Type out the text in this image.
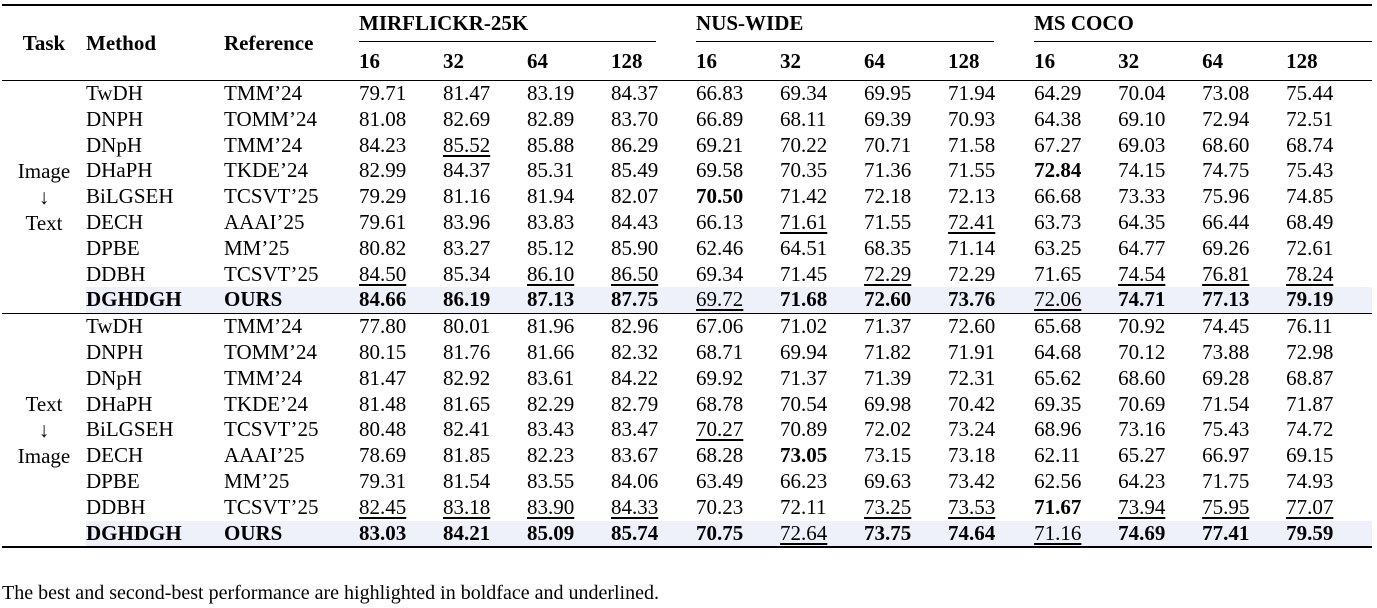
Task	Method	Reference	MIRFLICKR-25K				NUS-WIDE				MS COCO			

			16	32	64	128	16	32	64	128	16	32	64	128

Image
↓
Text	TwDH	TMM’24	79.71	81.47	83.19	84.37	66.83	69.34	69.95	71.94	64.29	70.04	73.08	75.44
	DNPH	TOMM’24	81.08	82.69	82.89	83.70	66.89	68.11	69.39	70.93	64.38	69.10	72.94	72.51
	DNpH	TMM’24	84.23	85.52	85.88	86.29	69.21	70.22	70.71	71.58	67.27	69.03	68.60	68.74
	DHaPH	TKDE’24	82.99	84.37	85.31	85.49	69.58	70.35	71.36	71.55	72.84	74.15	74.75	75.43
	BiLGSEH	TCSVT’25	79.29	81.16	81.94	82.07	70.50	71.42	72.18	72.13	66.68	73.33	75.96	74.85
	DECH	AAAI’25	79.61	83.96	83.83	84.43	66.13	71.61	71.55	72.41	63.73	64.35	66.44	68.49
	DPBE	MM’25	80.82	83.27	85.12	85.90	62.46	64.51	68.35	71.14	63.25	64.77	69.26	72.61
	DDBH	TCSVT’25	84.50	85.34	86.10	86.50	69.34	71.45	72.29	72.29	71.65	74.54	76.81	78.24
	DGHDGH	OURS	84.66	86.19	87.13	87.75	69.72	71.68	72.60	73.76	72.06	74.71	77.13	79.19

Text
↓
Image	TwDH	TMM’24	77.80	80.01	81.96	82.96	67.06	71.02	71.37	72.60	65.68	70.92	74.45	76.11
	DNPH	TOMM’24	80.15	81.76	81.66	82.32	68.71	69.94	71.82	71.91	64.68	70.12	73.88	72.98
	DNpH	TMM’24	81.47	82.92	83.61	84.22	69.92	71.37	71.39	72.31	65.62	68.60	69.28	68.87
	DHaPH	TKDE’24	81.48	81.65	82.29	82.79	68.78	70.54	69.98	70.42	69.35	70.69	71.54	71.87
	BiLGSEH	TCSVT’25	80.48	82.41	83.43	83.47	70.27	70.89	72.02	73.24	68.96	73.16	75.43	74.72
	DECH	AAAI’25	78.69	81.85	82.23	83.67	68.28	73.05	73.15	73.18	62.11	65.27	66.97	69.15
	DPBE	MM’25	79.31	81.54	83.55	84.06	63.49	66.23	69.63	73.42	62.56	64.23	71.75	74.93
	DDBH	TCSVT’25	82.45	83.18	83.90	84.33	70.23	72.11	73.25	73.53	71.67	73.94	75.95	77.07
	DGHDGH	OURS	83.03	84.21	85.09	85.74	70.75	72.64	73.75	74.64	71.16	74.69	77.41	79.59
The best and second-best performance are highlighted in boldface and underlined.
